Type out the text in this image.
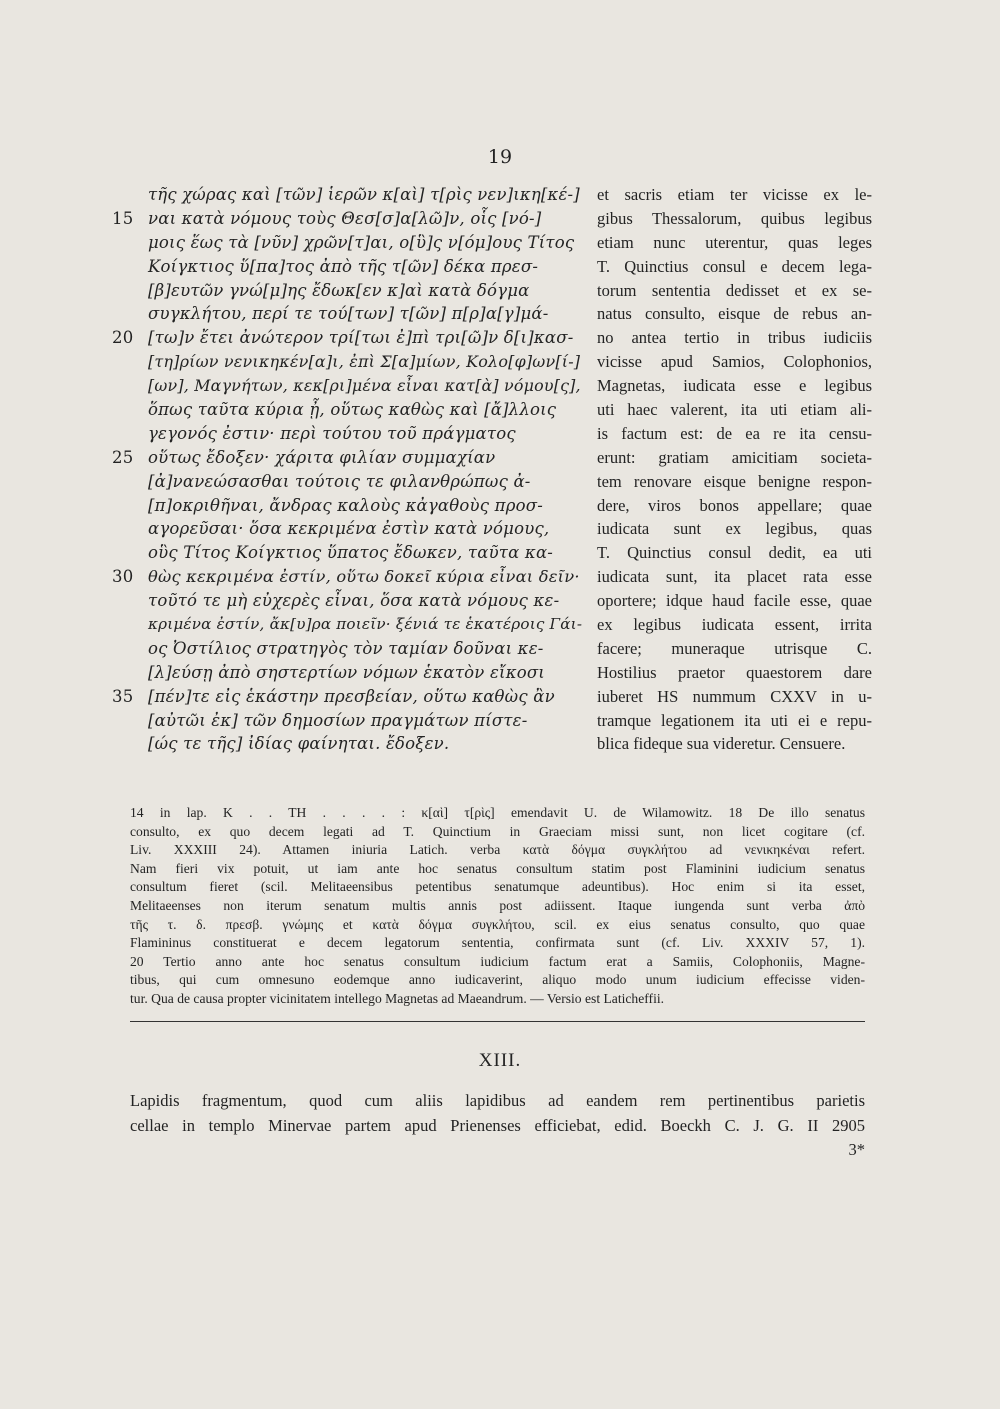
19
τῆς χώρας καὶ [τῶν] ἱερῶν κ[αὶ] τ[ρὶς νεν]ικη[κέ-]
15 ναι κατὰ νόμους τοὺς Θεσ[σ]α[λῶ]ν, οἷς [νό-]
μοις ἕως τὰ [νῦν] χρῶν[τ]αι, ο[ὓ]ς ν[όμ]ους Τίτος
Κοίγκτιος ὕ[πα]τος ἀπὸ τῆς τ[ῶν] δέκα πρεσ-
[β]ευτῶν γνώ[μ]ης ἔδωκ[εν κ]αὶ κατὰ δόγμα
συγκλήτου, περί τε τού[των] τ[ῶν] π[ρ]α[γ]μά-
20 [τω]ν ἔτει ἀνώτερον τρί[τωι ἐ]πὶ τρι[ῶ]ν δ[ι]κασ-
[τη]ρίων νενικηκέν[α]ι, ἐπὶ Σ[α]μίων, Κολο[φ]ων[ί-]
[ων], Μαγνήτων, κεκ[ρι]μένα εἶναι κατ[ὰ] νόμου[ς],
ὅπως ταῦτα κύρια ᾖ, οὕτως καθὼς καὶ [ἄ]λλοις
γεγονός ἐστιν· περὶ τούτου τοῦ πράγματος
25 οὕτως ἔδοξεν· χάριτα φιλίαν συμμαχίαν
[ἀ]νανεώσασθαι τούτοις τε φιλανθρώπως ἀ-
[π]οκριθῆναι, ἄνδρας καλοὺς κἀγαθοὺς προσ-
αγορεῦσαι· ὅσα κεκριμένα ἐστὶν κατὰ νόμους,
οὓς Τίτος Κοίγκτιος ὕπατος ἔδωκεν, ταῦτα κα-
30 θὼς κεκριμένα ἐστίν, οὕτω δοκεῖ κύρια εἶναι δεῖν·
τοῦτό τε μὴ εὐχερὲς εἶναι, ὅσα κατὰ νόμους κε-
κριμένα ἐστίν, ἄκ[υ]ρα ποιεῖν· ξένιά τε ἑκατέροις Γάι-
ος Ὀστίλιος στρατηγὸς τὸν ταμίαν δοῦναι κε-
[λ]εύσῃ ἀπὸ σηστερτίων νόμων ἑκατὸν εἴκοσι
35 [πέν]τε εἰς ἑκάστην πρεσβείαν, οὕτω καθὼς ἂν
[αὐτῶι ἐκ] τῶν δημοσίων πραγμάτων πίστε-
[ώς τε τῆς] ἰδίας φαίνηται. ἔδοξεν.
et sacris etiam ter vicisse ex le-
gibus Thessalorum, quibus legibus
etiam nunc uterentur, quas leges
T. Quinctius consul e decem lega-
torum sententia dedisset et ex se-
natus consulto, eisque de rebus an-
no antea tertio in tribus iudiciis
vicisse apud Samios, Colophonios,
Magnetas, iudicata esse e legibus
uti haec valerent, ita uti etiam ali-
is factum est: de ea re ita censu-
erunt: gratiam amicitiam societa-
tem renovare eisque benigne respon-
dere, viros bonos appellare; quae
iudicata sunt ex legibus, quas
T. Quinctius consul dedit, ea uti
iudicata sunt, ita placet rata esse
oportere; idque haud facile esse, quae
ex legibus iudicata essent, irrita
facere; muneraque utrisque C.
Hostilius praetor quaestorem dare
iuberet HS nummum CXXV in u-
tramque legationem ita uti ei e repu-
blica fideque sua videretur. Censuere.
14 in lap. Κ . . ΤΗ . . . . : κ[αὶ] τ[ρὶς] emendavit U. de Wilamowitz. 18 De illo senatus
consulto, ex quo decem legati ad T. Quinctium in Graeciam missi sunt, non licet cogitare (cf.
Liv. XXXIII 24). Attamen iniuria Latich. verba κατὰ δόγμα συγκλήτου ad νενικηκέναι refert.
Nam fieri vix potuit, ut iam ante hoc senatus consultum statim post Flaminini iudicium senatus
consultum fieret (scil. Melitaeensibus petentibus senatumque adeuntibus). Hoc enim si ita esset,
Melitaeenses non iterum senatum multis annis post adiissent. Itaque iungenda sunt verba ἀπὸ
τῆς τ. δ. πρεσβ. γνώμης et κατὰ δόγμα συγκλήτου, scil. ex eius senatus consulto, quo quae
Flamininus constituerat e decem legatorum sententia, confirmata sunt (cf. Liv. XXXIV 57, 1).
20 Tertio anno ante hoc senatus consultum iudicium factum erat a Samiis, Colophoniis, Magne-
tibus, qui cum omnesuno eodemque anno iudicaverint, aliquo modo unum iudicium effecisse viden-
tur. Qua de causa propter vicinitatem intellego Magnetas ad Maeandrum. — Versio est Laticheffii.
XIII.
Lapidis fragmentum, quod cum aliis lapidibus ad eandem rem pertinentibus parietis
cellae in templo Minervae partem apud Prienenses efficiebat, edid. Boeckh C. J. G. II 2905
3*
